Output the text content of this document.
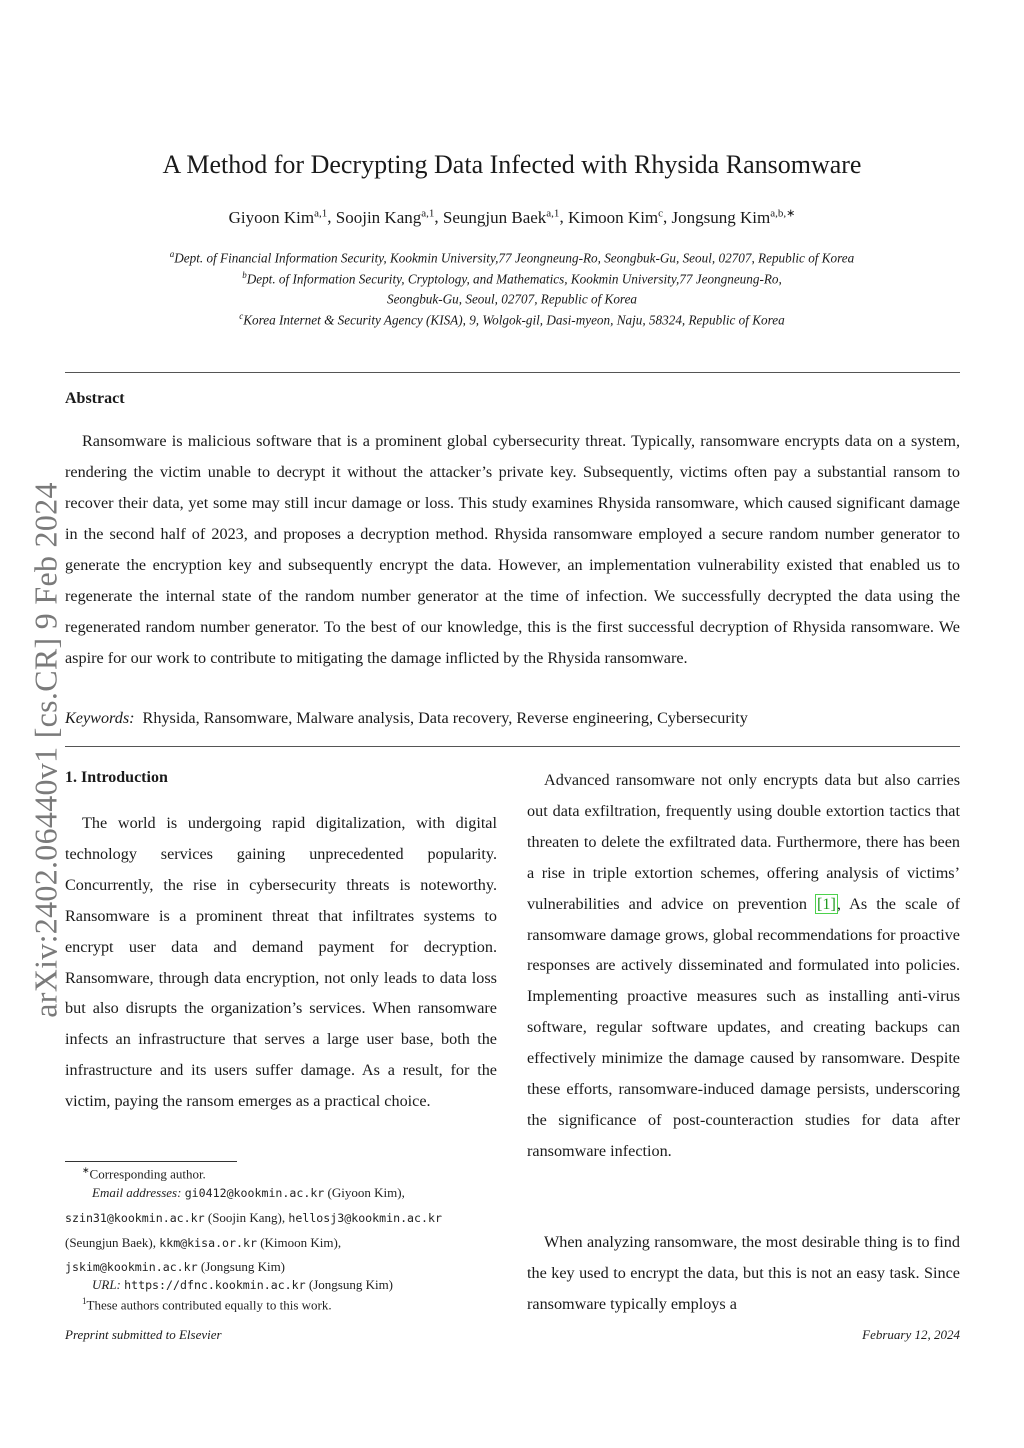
arXiv:2402.06440v1 [cs.CR] 9 Feb 2024
A Method for Decrypting Data Infected with Rhysida Ransomware
Giyoon Kim$^{a,1}$, Soojin Kang$^{a,1}$, Seungjun Baek$^{a,1}$, Kimoon Kim$^c$, Jongsung Kim$^{a,b,∗}$
$^a$Dept. of Financial Information Security, Kookmin University,77 Jeongneung-Ro, Seongbuk-Gu, Seoul, 02707, Republic of Korea
$^b$Dept. of Information Security, Cryptology, and Mathematics, Kookmin University,77 Jeongneung-Ro,
Seongbuk-Gu, Seoul, 02707, Republic of Korea
$^c$Korea Internet & Security Agency (KISA), 9, Wolgok-gil, Dasi-myeon, Naju, 58324, Republic of Korea
Abstract

Ransomware is malicious software that is a prominent global cybersecurity threat. Typically, ransomware encrypts data on a system, rendering the victim unable to decrypt it without the attacker’s private key. Subsequently, victims often pay a substantial ransom to recover their data, yet some may still incur damage or loss. This study examines Rhysida ransomware, which caused significant damage in the second half of 2023, and proposes a decryption method. Rhysida ransomware employed a secure random number generator to generate the encryption key and subsequently encrypt the data. However, an implementation vulnerability existed that enabled us to regenerate the internal state of the random number generator at the time of infection. We successfully decrypted the data using the regenerated random number generator. To the best of our knowledge, this is the first successful decryption of Rhysida ransomware. We aspire for our work to contribute to mitigating the damage inflicted by the Rhysida ransomware.

Keywords: Rhysida, Ransomware, Malware analysis, Data recovery, Reverse engineering, Cybersecurity
1. Introduction

The world is undergoing rapid digitalization, with digital technology services gaining unprecedented popularity. Concurrently, the rise in cybersecurity threats is noteworthy. Ransomware is a prominent threat that infiltrates systems to encrypt user data and demand payment for decryption. Ransomware, through data encryption, not only leads to data loss but also disrupts the organization’s services. When ransomware infects an infrastructure that serves a large user base, both the infrastructure and its users suffer damage. As a result, for the victim, paying the ransom emerges as a practical choice.

Advanced ransomware not only encrypts data but also carries out data exfiltration, frequently using double extortion tactics that threaten to delete the exfiltrated data. Furthermore, there has been a rise in triple extortion schemes, offering analysis of victims’ vulnerabilities and advice on prevention [1], As the scale of ransomware damage grows, global recommendations for proactive responses are actively disseminated and formulated into policies. Implementing proactive measures such as installing anti-virus software, regular software updates, and creating backups can effectively minimize the damage caused by ransomware. Despite these efforts, ransomware-induced damage persists, underscoring the significance of post-counteraction studies for data after ransomware infection.

When analyzing ransomware, the most desirable thing is to find the key used to encrypt the data, but this is not an easy task. Since ransomware typically employs a

∗Corresponding author.
Email addresses: gi0412@kookmin.ac.kr (Giyoon Kim),
szin31@kookmin.ac.kr (Soojin Kang), hellosj3@kookmin.ac.kr
(Seungjun Baek), kkm@kisa.or.kr (Kimoon Kim),
jskim@kookmin.ac.kr (Jongsung Kim)
URL: https://dfnc.kookmin.ac.kr (Jongsung Kim)
$^1$These authors contributed equally to this work.
Preprint submitted to Elsevier	February 12, 2024
